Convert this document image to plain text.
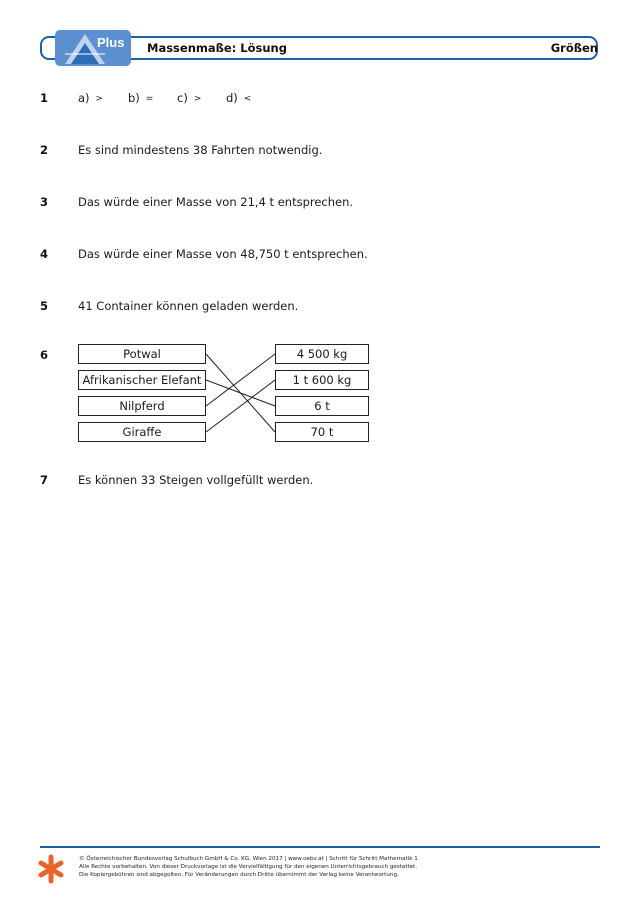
Plus Massenmaße: Lösung	Größen
1	a) > b) = c) > d) <
2	Es sind mindestens 38 Fahrten notwendig.
3	Das würde einer Masse von 21,4 t entsprechen.
4	Das würde einer Masse von 48,750 t entsprechen.
5	41 Container können geladen werden.
6	Potwal
Afrikanischer Elefant
Nilpferd
Giraffe
4 500 kg
1 t 600 kg
6 t
70 t
7	Es können 33 Steigen vollgefüllt werden.
© Österreichischer Bundesverlag Schulbuch GmbH & Co. KG, Wien 2017 | www.oebv.at | Schritt für Schritt Mathematik 1
Alle Rechte vorbehalten. Von dieser Druckvorlage ist die Vervielfältigung für den eigenen Unterrichtsgebrauch gestattet.
Die Kopiergebühren sind abgegolten. Für Veränderungen durch Dritte übernimmt der Verlag keine Verantwortung.
